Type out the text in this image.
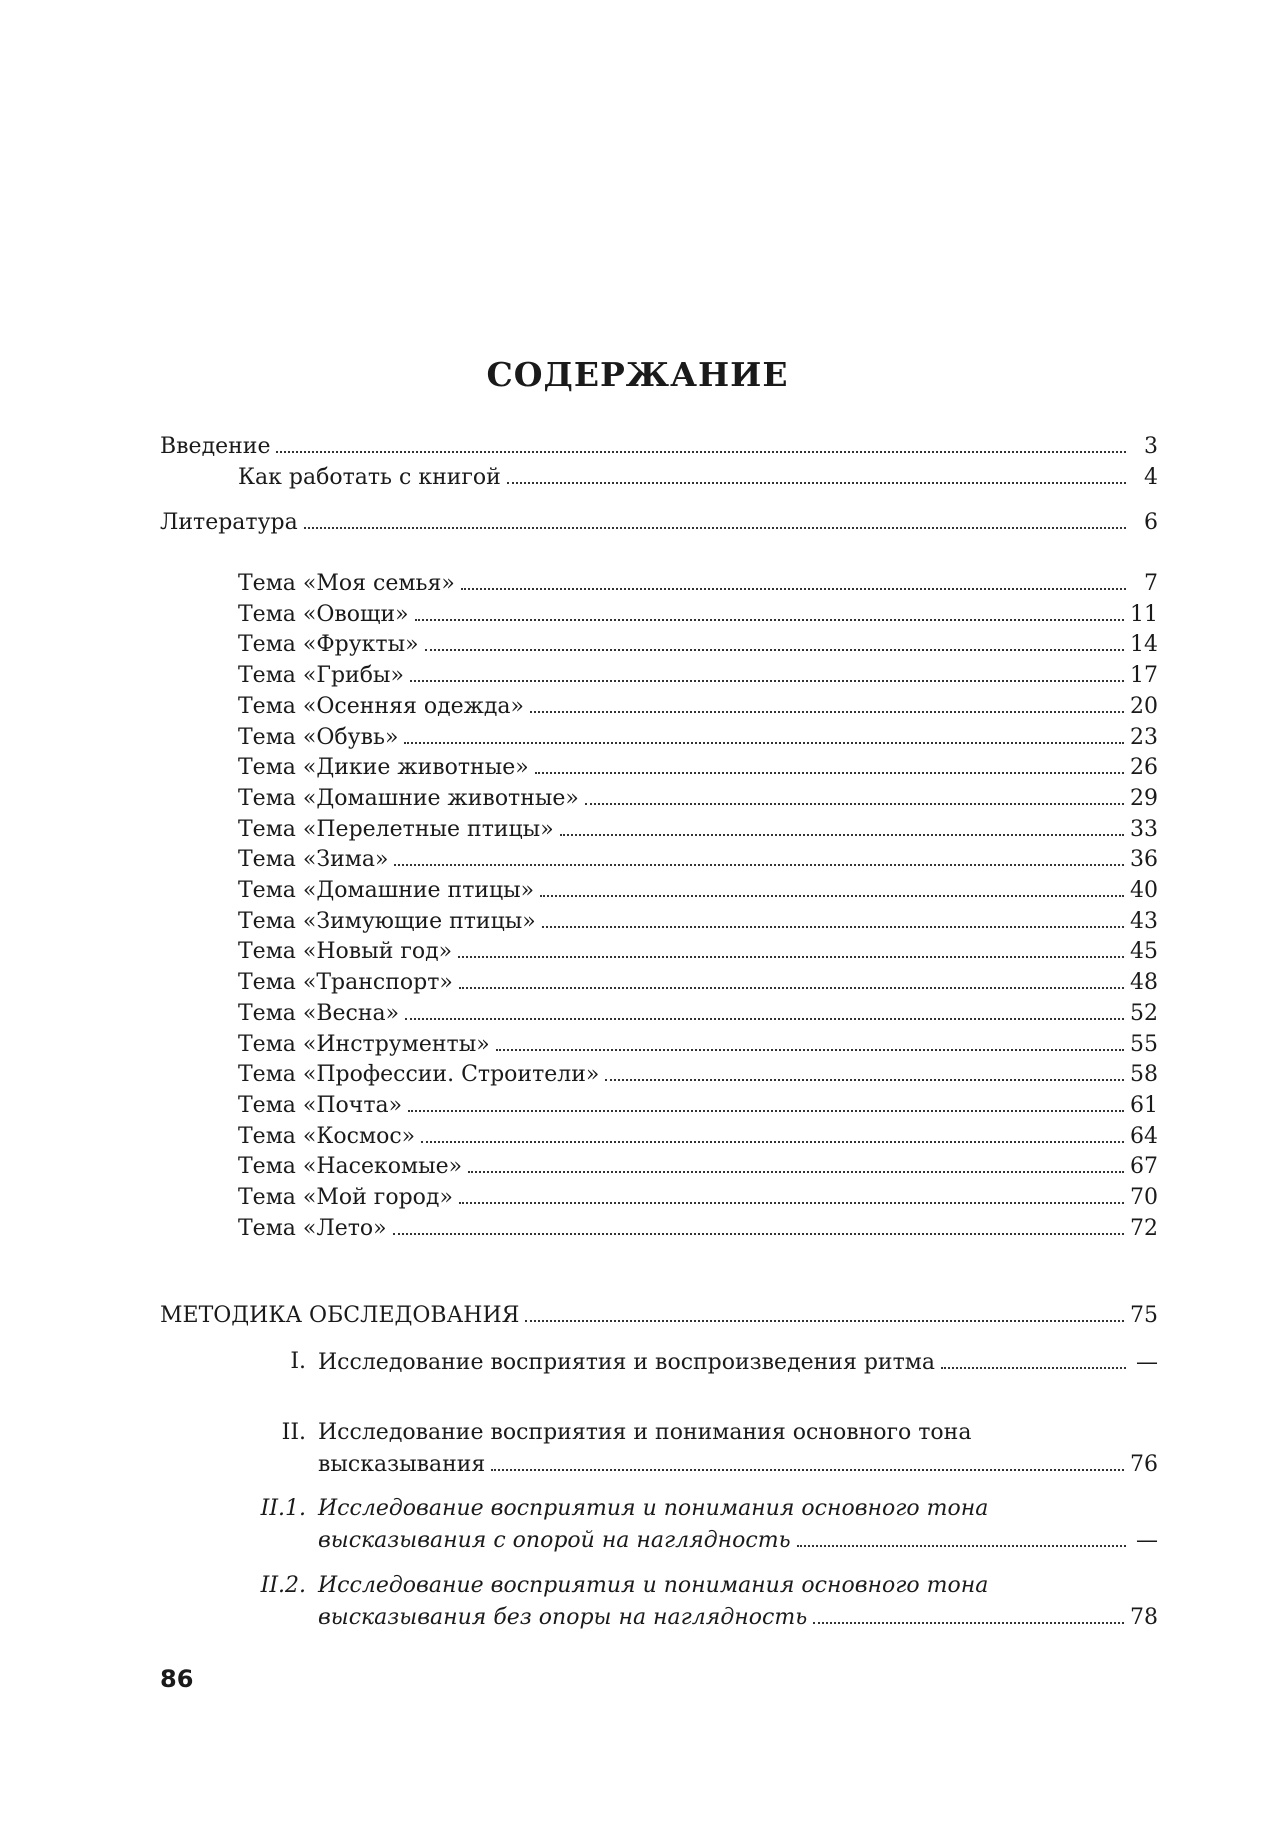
СОДЕРЖАНИЕ
Введение	3
Как работать с книгой	4
Литература	6
Тема «Моя семья»	7
Тема «Овощи»	11
Тема «Фрукты»	14
Тема «Грибы»	17
Тема «Осенняя одежда»	20
Тема «Обувь»	23
Тема «Дикие животные»	26
Тема «Домашние животные»	29
Тема «Перелетные птицы»	33
Тема «Зима»	36
Тема «Домашние птицы»	40
Тема «Зимующие птицы»	43
Тема «Новый год»	45
Тема «Транспорт»	48
Тема «Весна»	52
Тема «Инструменты»	55
Тема «Профессии. Строители»	58
Тема «Почта»	61
Тема «Космос»	64
Тема «Насекомые»	67
Тема «Мой город»	70
Тема «Лето»	72
МЕТОДИКА ОБСЛЕДОВАНИЯ	75
I. Исследование восприятия и воспроизведения ритма	—
II. Исследование восприятия и понимания основного тона
высказывания	76
II.1. Исследование восприятия и понимания основного тона
высказывания с опорой на наглядность	—
II.2. Исследование восприятия и понимания основного тона
высказывания без опоры на наглядность	78
86
